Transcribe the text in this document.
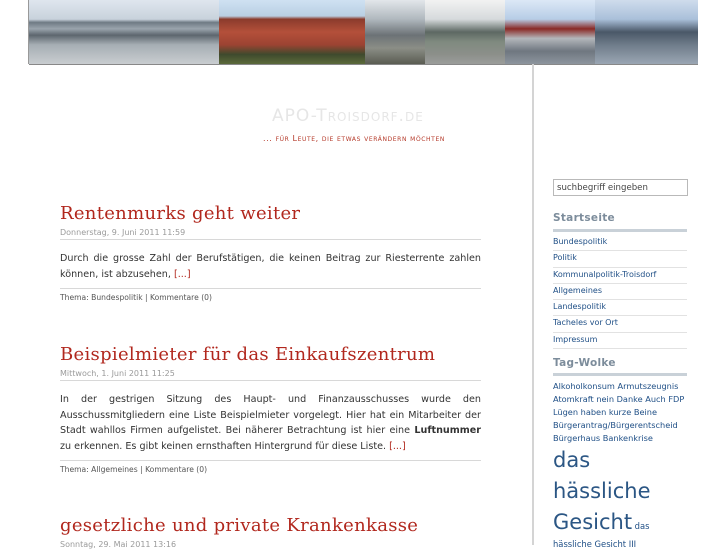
APO-Troisdorf.de
... für Leute, die etwas verändern möchten
Rentenmurks geht weiter
Donnerstag, 9. Juni 2011 11:59
Durch die grosse Zahl der Berufstätigen, die keinen Beitrag zur Riesterrente zahlen können, ist abzusehen, [...]
Thema: Bundespolitik | Kommentare (0)
Beispielmieter für das Einkaufszentrum
Mittwoch, 1. Juni 2011 11:25
In der gestrigen Sitzung des Haupt- und Finanzausschusses wurde den Ausschussmitgliedern eine Liste Beispielmieter vorgelegt. Hier hat ein Mitarbeiter der Stadt wahllos Firmen aufgelistet. Bei näherer Betrachtung ist hier eine Luftnummer zu erkennen. Es gibt keinen ernsthaften Hintergrund für diese Liste. [...]
Thema: Allgemeines | Kommentare (0)
gesetzliche und private Krankenkasse
Sonntag, 29. Mai 2011 13:16
suchbegriff eingeben
Startseite
Bundespolitik
Politik
Kommunalpolitik-Troisdorf
Allgemeines
Landespolitik
Tacheles vor Ort
Impressum
Tag-Wolke
Alkoholkonsum Armutszeugnis Atomkraft nein Danke Auch FDP Lügen haben kurze Beine Bürgerantrag/Bürgerentscheid Bürgerhaus Bankenkrise das hässliche Gesicht das hässliche Gesicht III
